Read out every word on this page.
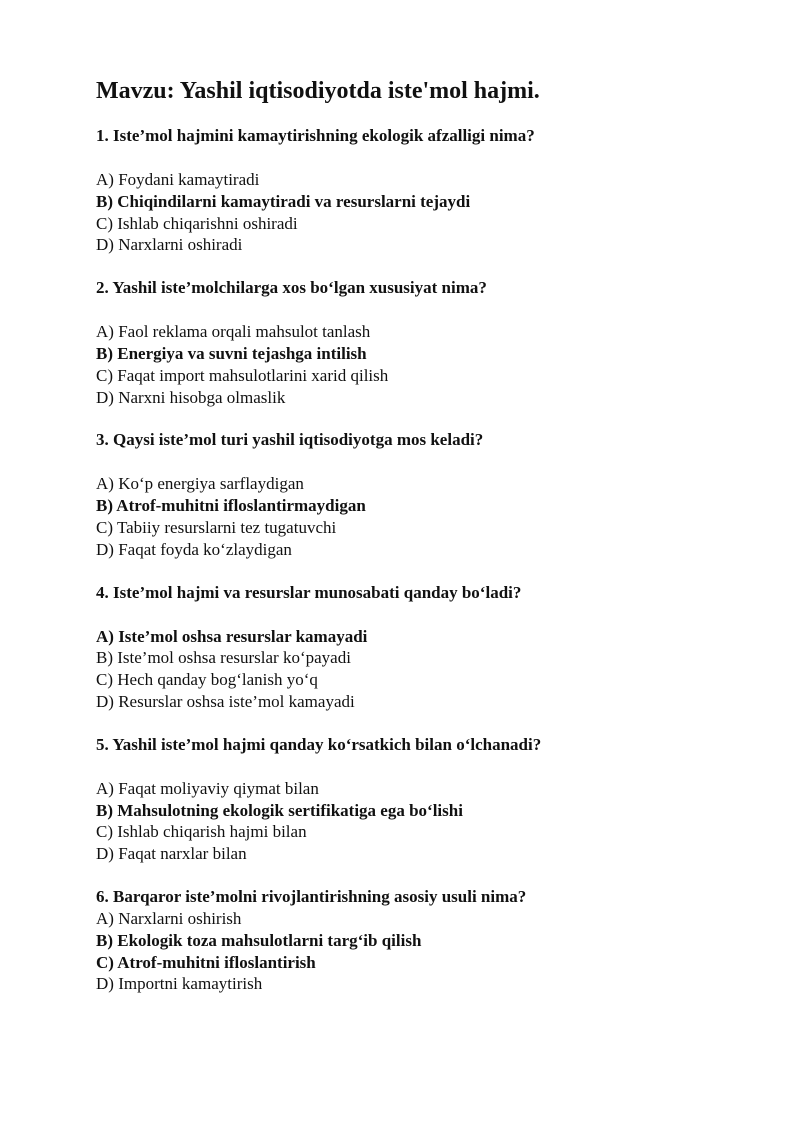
Mavzu: Yashil iqtisodiyotda iste'mol hajmi.

1. Iste’mol hajmini kamaytirishning ekologik afzalligi nima?

A) Foydani kamaytiradi
B) Chiqindilarni kamaytiradi va resurslarni tejaydi
C) Ishlab chiqarishni oshiradi
D) Narxlarni oshiradi

2. Yashil iste’molchilarga xos bo‘lgan xususiyat nima?

A) Faol reklama orqali mahsulot tanlash
B) Energiya va suvni tejashga intilish
C) Faqat import mahsulotlarini xarid qilish
D) Narxni hisobga olmaslik

3. Qaysi iste’mol turi yashil iqtisodiyotga mos keladi?

A) Ko‘p energiya sarflaydigan
B) Atrof-muhitni ifloslantirmaydigan
C) Tabiiy resurslarni tez tugatuvchi
D) Faqat foyda ko‘zlaydigan

4. Iste’mol hajmi va resurslar munosabati qanday bo‘ladi?

A) Iste’mol oshsa resurslar kamayadi
B) Iste’mol oshsa resurslar ko‘payadi
C) Hech qanday bog‘lanish yo‘q
D) Resurslar oshsa iste’mol kamayadi

5. Yashil iste’mol hajmi qanday ko‘rsatkich bilan o‘lchanadi?

A) Faqat moliyaviy qiymat bilan
B) Mahsulotning ekologik sertifikatiga ega bo‘lishi
C) Ishlab chiqarish hajmi bilan
D) Faqat narxlar bilan

6. Barqaror iste’molni rivojlantirishning asosiy usuli nima?

A) Narxlarni oshirish
B) Ekologik toza mahsulotlarni targ‘ib qilish
C) Atrof-muhitni ifloslantirish
D) Importni kamaytirish
